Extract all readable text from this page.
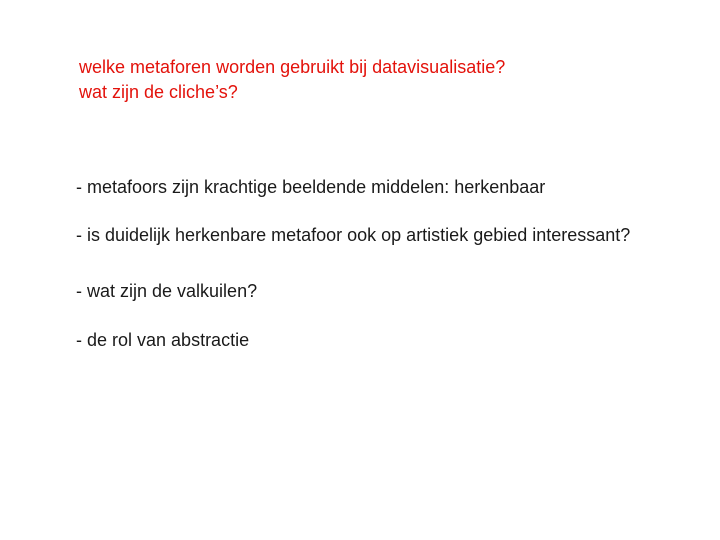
welke metaforen worden gebruikt bij datavisualisatie?
wat zijn de cliche’s?
- metafoors zijn krachtige beeldende middelen: herkenbaar
- is duidelijk herkenbare metafoor ook op artistiek gebied interessant?
- wat zijn de valkuilen?
- de rol van abstractie
